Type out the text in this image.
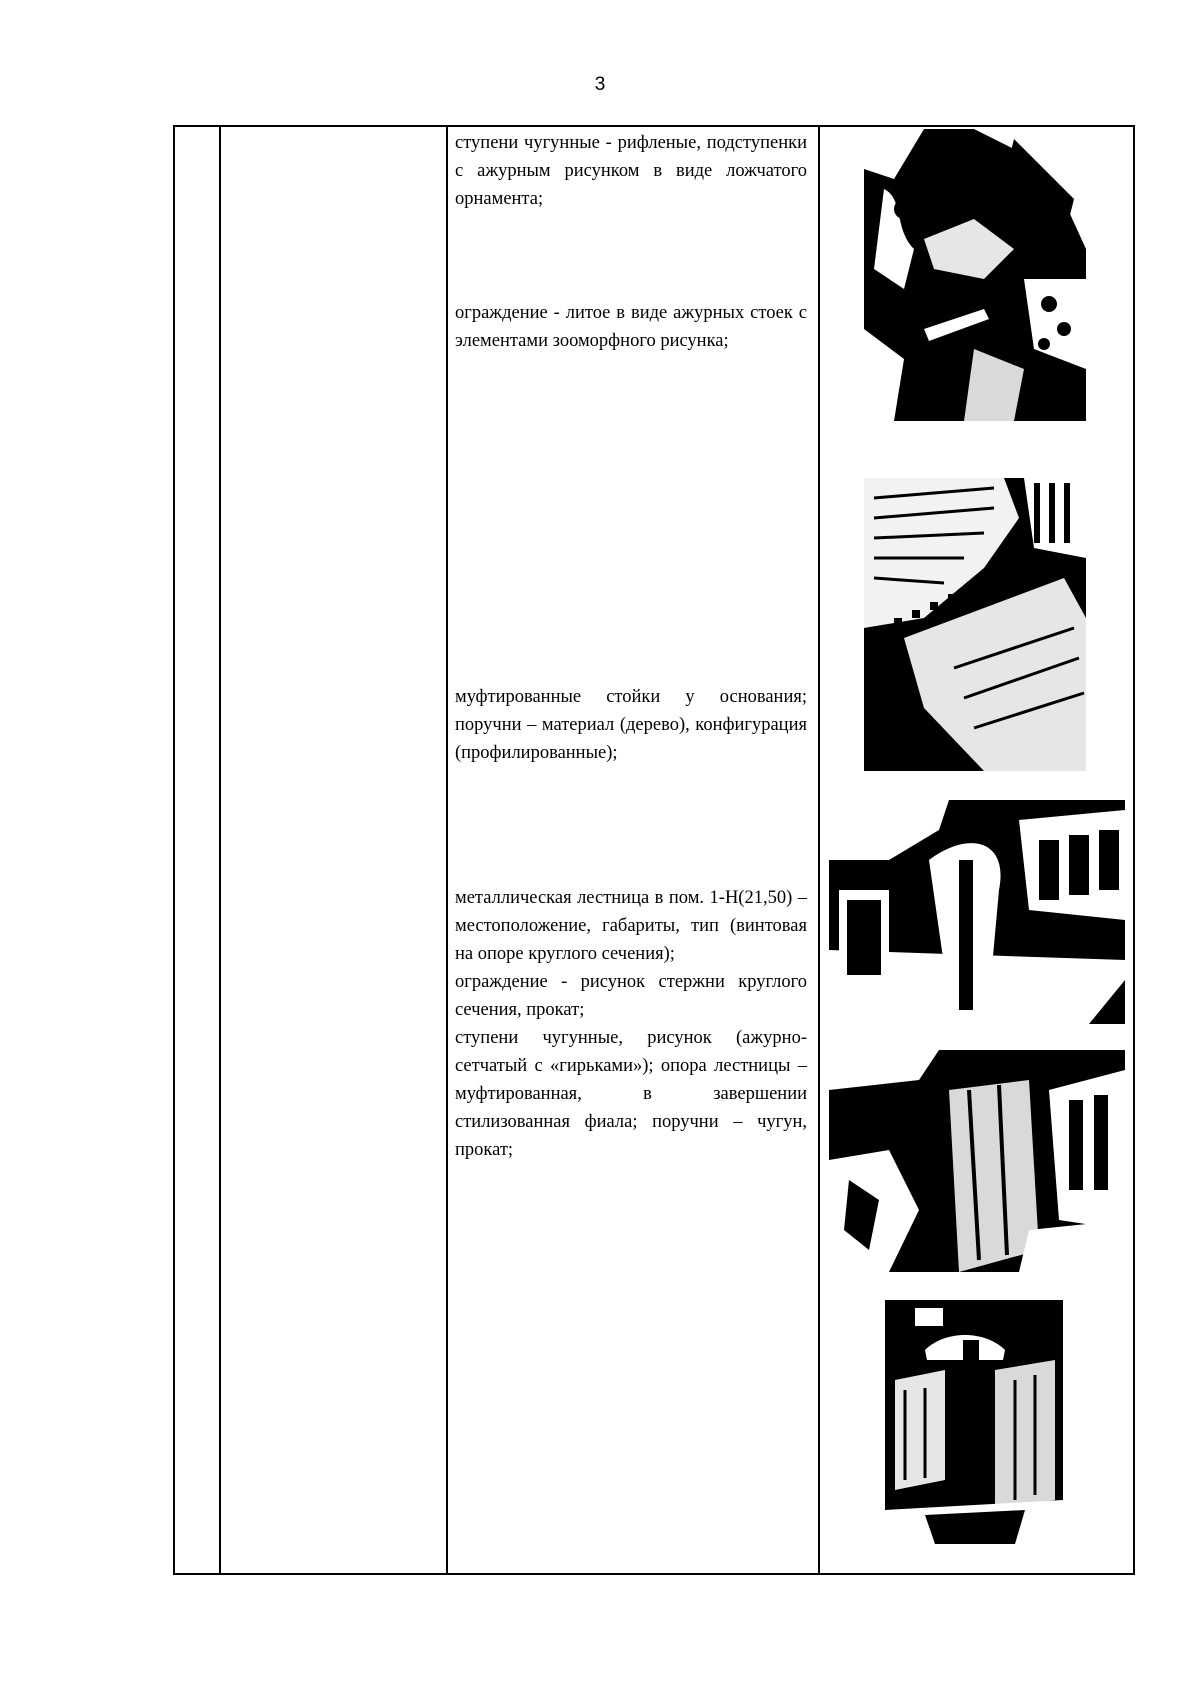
3
ступени чугунные - рифленые, подступенки с ажурным рисунком в виде ложчатого орнамента;
ограждение - литое в виде ажурных стоек с элементами зооморфного рисунка;
муфтированные стойки у основания; поручни – материал (дерево), конфигурация (профилированные);
металлическая лестница в пом. 1-Н(21,50) – местоположение, габариты, тип (винтовая на опоре круглого сечения);
ограждение - рисунок стержни круглого сечения, прокат;
ступени чугунные, рисунок (ажурно-сетчатый с «гирьками»); опора лестницы – муфтированная, в завершении стилизованная фиала; поручни – чугун, прокат;
